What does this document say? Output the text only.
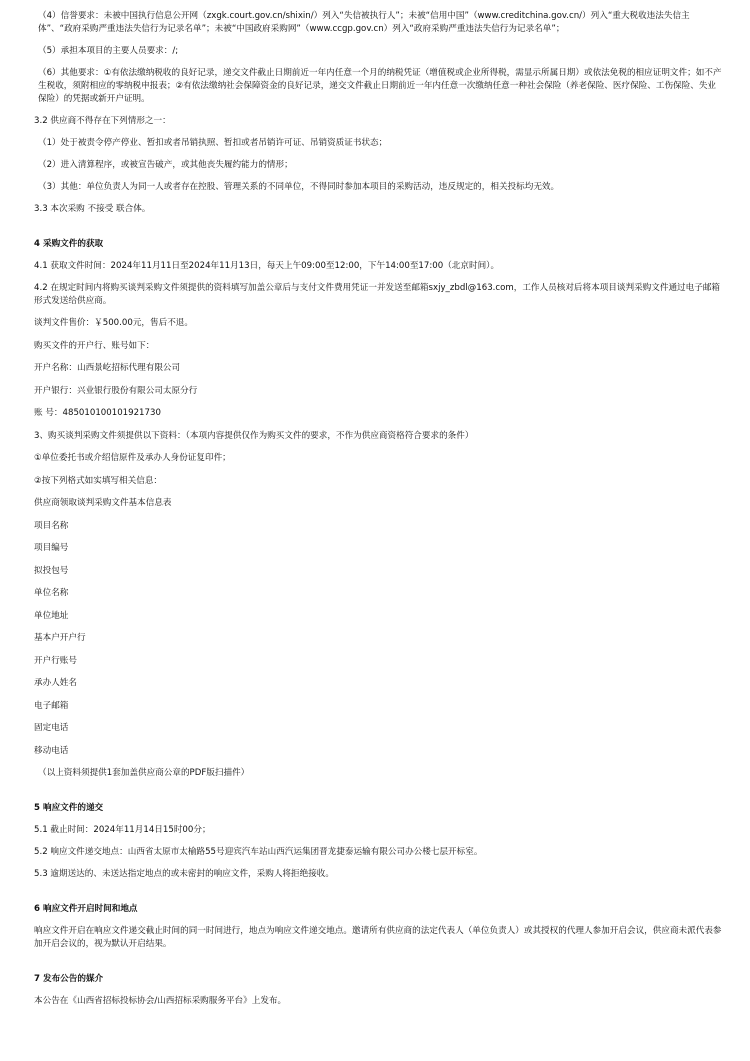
（4）信誉要求：未被中国执行信息公开网（zxgk.court.gov.cn/shixin/）列入“失信被执行人”；未被“信用中国”（www.creditchina.gov.cn/）列入“重大税收违法失信主体”、“政府采购严重违法失信行为记录名单”；未被“中国政府采购网”（www.ccgp.gov.cn）列入“政府采购严重违法失信行为记录名单”；
（5）承担本项目的主要人员要求：/;
（6）其他要求：①有依法缴纳税收的良好记录，递交文件截止日期前近一年内任意一个月的纳税凭证（增值税或企业所得税，需显示所属日期）或依法免税的相应证明文件；如不产生税收，须附相应的零纳税申报表；②有依法缴纳社会保障资金的良好记录，递交文件截止日期前近一年内任意一次缴纳任意一种社会保险（养老保险、医疗保险、工伤保险、失业保险）的凭据或新开户证明。
3.2 供应商不得存在下列情形之一：
（1）处于被责令停产停业、暂扣或者吊销执照、暂扣或者吊销许可证、吊销资质证书状态；
（2）进入清算程序，或被宣告破产，或其他丧失履约能力的情形；
（3）其他：单位负责人为同一人或者存在控股、管理关系的不同单位，不得同时参加本项目的采购活动，违反规定的，相关投标均无效。
3.3 本次采购 不接受 联合体。
4 采购文件的获取
4.1 获取文件时间：2024年11月11日至2024年11月13日，每天上午09:00至12:00，下午14:00至17:00（北京时间）。
4.2 在规定时间内将购买谈判采购文件须提供的资料填写加盖公章后与支付文件费用凭证一并发送至邮箱sxjy_zbdl@163.com，工作人员核对后将本项目谈判采购文件通过电子邮箱形式发送给供应商。
谈判文件售价：￥500.00元，售后不退。
购买文件的开户行、账号如下：
开户名称：山西景屹招标代理有限公司
开户银行：兴业银行股份有限公司太原分行
账 号：485010100101921730
3、购买谈判采购文件须提供以下资料：（本项内容提供仅作为购买文件的要求，不作为供应商资格符合要求的条件）
①单位委托书或介绍信原件及承办人身份证复印件；
②按下列格式如实填写相关信息：
供应商领取谈判采购文件基本信息表
项目名称
项目编号
拟投包号
单位名称
单位地址
基本户开户行
开户行账号
承办人姓名
电子邮箱
固定电话
移动电话
（以上资料须提供1套加盖供应商公章的PDF版扫描件）
5 响应文件的递交
5.1 截止时间：2024年11月14日15时00分；
5.2 响应文件递交地点：山西省太原市太榆路55号迎宾汽车站山西汽运集团晋龙捷泰运输有限公司办公楼七层开标室。
5.3 逾期送达的、未送达指定地点的或未密封的响应文件，采购人将拒绝接收。
6 响应文件开启时间和地点
响应文件开启在响应文件递交截止时间的同一时间进行，地点为响应文件递交地点。邀请所有供应商的法定代表人（单位负责人）或其授权的代理人参加开启会议，供应商未派代表参加开启会议的，视为默认开启结果。
7 发布公告的媒介
本公告在《山西省招标投标协会/山西招标采购服务平台》上发布。
